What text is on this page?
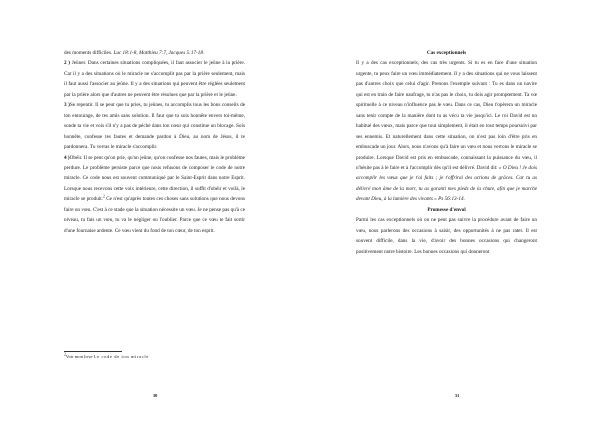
des moments difficiles. Luc 18:1-8, Matthieu 7:7, Jacques 5:17-18.

2 ) Jeûner. Dans certaines situations compliquées, il faut associer le jeûne à la prière. Car il y a des situations où le miracle ne s'accomplit pas par la prière seulement, mais il faut aussi l'associer au jeûne. Il y a des situations qui peuvent être réglées seulement par la prière alors que d'autres ne peuvent être résolues que par la prière et le jeûne.

3 )Se repentir. Il se peut que tu pries, tu jeûnes, tu accomplis tous les bons conseils de ton entourage, de tes amis sans solution. Il faut que tu sois honnête envers toi-même, sonde ta vie et vois s'il n'y a pas de péché dans ton cœur qui constitue un blocage. Sois honnête, confesse tes fautes et demande pardon à Dieu, au nom de Jésus, il te pardonnera. Tu verras le miracle s'accomplir.

4 )Obéir. Il se peut qu'on prie, qu'on jeûne, qu'on confesse nos fautes, mais le problème perdure. Le problème persiste parce que nous refusons de composer le code de notre miracle. Ce code nous est souvent communiqué par le Saint-Esprit dans notre Esprit. Lorsque nous recevons cette voix intérieure, cette direction, il suffit d'obéir et voilà, le miracle se produit.$^2$ Ce n'est qu'après toutes ces choses sans solutions que nous devons faire un vœu. C'est à ce stade que la situation nécessite un vœu. Je ne pense pas qu'à ce niveau, tu fais un vœu, tu va le négliger ou l'oublier. Parce que ce vœu te fait sortir d'une fournaise ardente. Ce vœu vient du fond de ton cœur, de ton esprit.

$^2$Voir mon livre Le code de ton miracle
30

Cas exceptionnels

Il y a des cas exceptionnels, des cas très urgents. Si tu es en face d'une situation urgente, tu peux faire un vœu immédiatement. Il y a des situations qui ne vous laissent pas d'autres choix que celui d'agir. Prenons l'exemple suivant : Tu es dans un navire qui est en train de faire naufrage, tu n'as pas le choix, tu dois agir promptement. Ta vœ spirituelle à ce niveau n'influence pas le vœu. Dans ce cas, Dieu t'opèrera un miracle sans tenir compte de la manière dont tu as vécu ta vie jusqu'ici. Le roi David est un habitué des vœux, mais parce que tout simplement, il était en tout temps poursuivi par ses ennemis. Et naturellement dans cette situation, on n'est pas loin d'être pris en embuscade un jour. Alors, nous n'avons qu'à faire un vœu et nous verrons le miracle se produire. Lorsque David est pris en embuscade, connaissant la puissance du vœu, il n'hésite pas à le faire et à l'accomplir dès qu'il est délivré. David dit: « O Dieu ! Je dois accomplir les vœux que je t'ai faits ; je t'offrirai des actions de grâces. Car tu as délivré mon âme de la mort, tu as garanti mes pieds de la chute, afin que je marche devant Dieu, à la lumière des vivants » Ps 56:13-14.

Promesse d'envol

Parmi les cas exceptionnels où on ne peut pas suivre la procédure avant de faire un vœu, nous parlerons des occasions à saisir, des opportunités à ne pas rater. Il est souvent difficile, dans la vie, d'avoir des bonnes occasions qui changeront positivement notre histoire. Les bonnes occasions qui donneront

31
